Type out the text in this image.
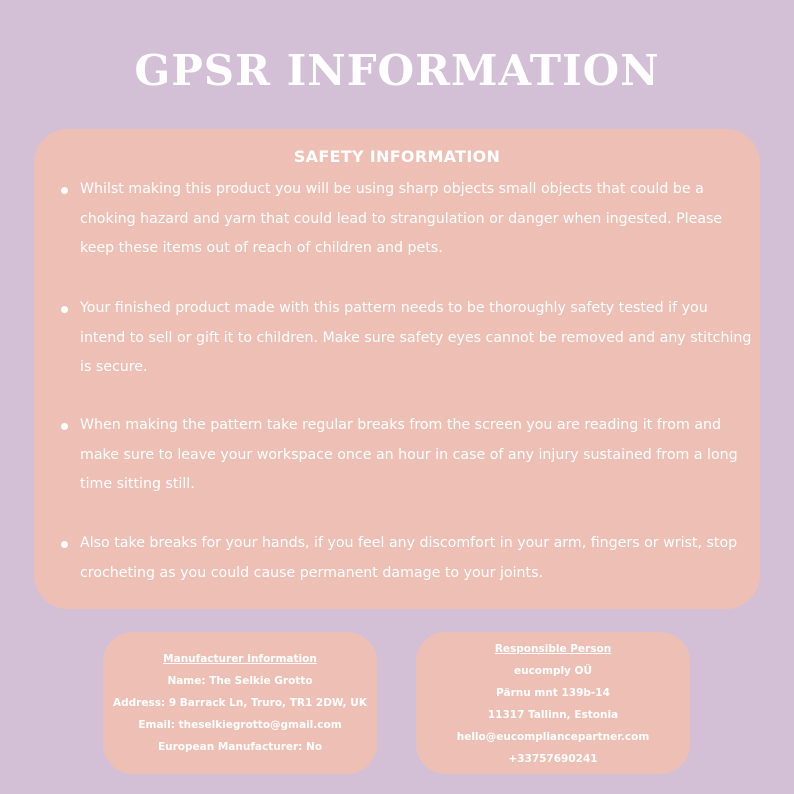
GPSR INFORMATION
SAFETY INFORMATION
Whilst making this product you will be using sharp objects small objects that could be a choking hazard and yarn that could lead to strangulation or danger when ingested. Please keep these items out of reach of children and pets.
Your finished product made with this pattern needs to be thoroughly safety tested if you intend to sell or gift it to children. Make sure safety eyes cannot be removed and any stitching is secure.
When making the pattern take regular breaks from the screen you are reading it from and make sure to leave your workspace once an hour in case of any injury sustained from a long time sitting still.
Also take breaks for your hands, if you feel any discomfort in your arm, fingers or wrist, stop crocheting as you could cause permanent damage to your joints.
Manufacturer Information
Name: The Selkie Grotto
Address: 9 Barrack Ln, Truro, TR1 2DW, UK
Email: theselkiegrotto@gmail.com
European Manufacturer: No
Responsible Person
eucomply OÜ
Pärnu mnt 139b-14
11317 Tallinn, Estonia
hello@eucompliancepartner.com
+33757690241
